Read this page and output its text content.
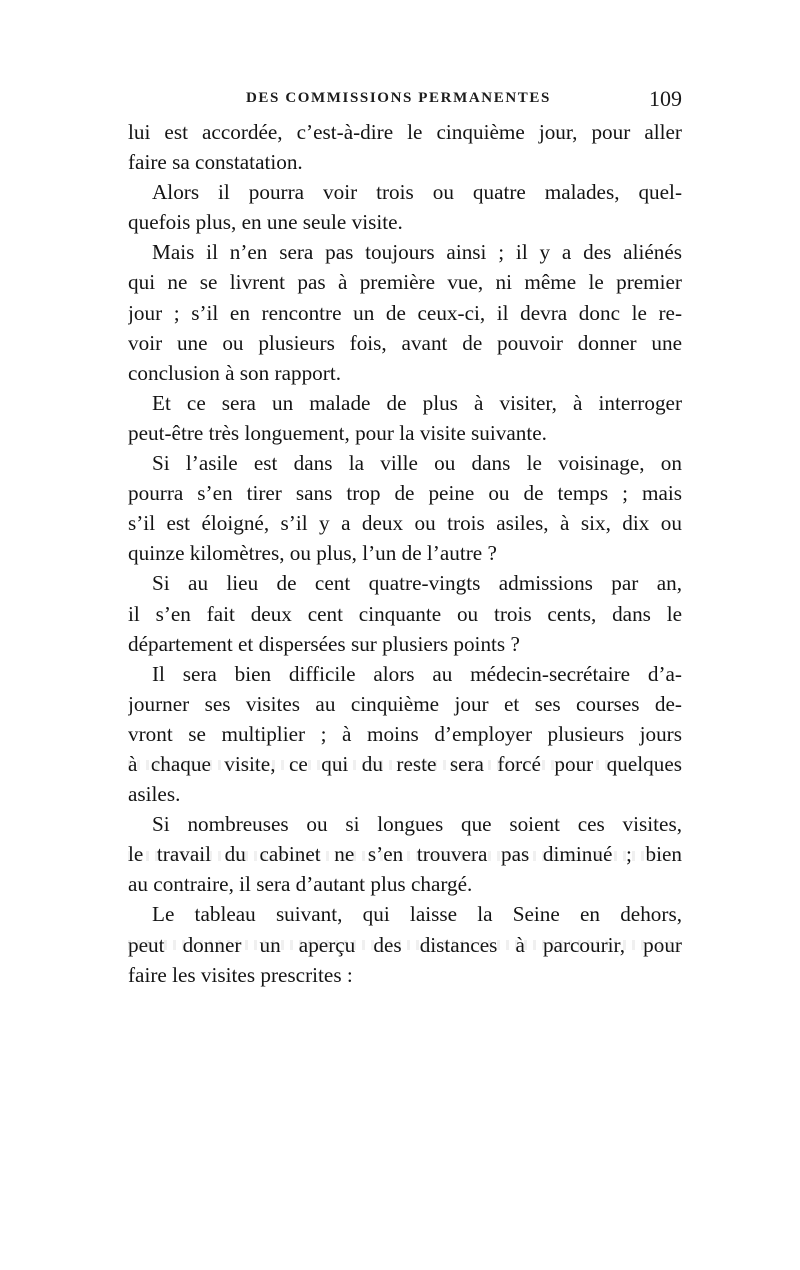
DES COMMISSIONS PERMANENTES	109
lui est accordée, c’est-à-dire le cinquième jour, pour aller
faire sa constatation.
Alors il pourra voir trois ou quatre malades, quel-
quefois plus, en une seule visite.
Mais il n’en sera pas toujours ainsi ; il y a des aliénés
qui ne se livrent pas à première vue, ni même le premier
jour ; s’il en rencontre un de ceux-ci, il devra donc le re-
voir une ou plusieurs fois, avant de pouvoir donner une
conclusion à son rapport.
Et ce sera un malade de plus à visiter, à interroger
peut-être très longuement, pour la visite suivante.
Si l’asile est dans la ville ou dans le voisinage, on
pourra s’en tirer sans trop de peine ou de temps ; mais
s’il est éloigné, s’il y a deux ou trois asiles, à six, dix ou
quinze kilomètres, ou plus, l’un de l’autre ?
Si au lieu de cent quatre-vingts admissions par an,
il s’en fait deux cent cinquante ou trois cents, dans le
département et dispersées sur plusiers points ?
Il sera bien difficile alors au médecin-secrétaire d’a-
journer ses visites au cinquième jour et ses courses de-
vront se multiplier ; à moins d’employer plusieurs jours
à chaque visite, ce qui du reste sera forcé pour quelques
asiles.
Si nombreuses ou si longues que soient ces visites,
le travail du cabinet ne s’en trouvera pas diminué ; bien
au contraire, il sera d’autant plus chargé.
Le tableau suivant, qui laisse la Seine en dehors,
peut donner un aperçu des distances à parcourir, pour
faire les visites prescrites :
